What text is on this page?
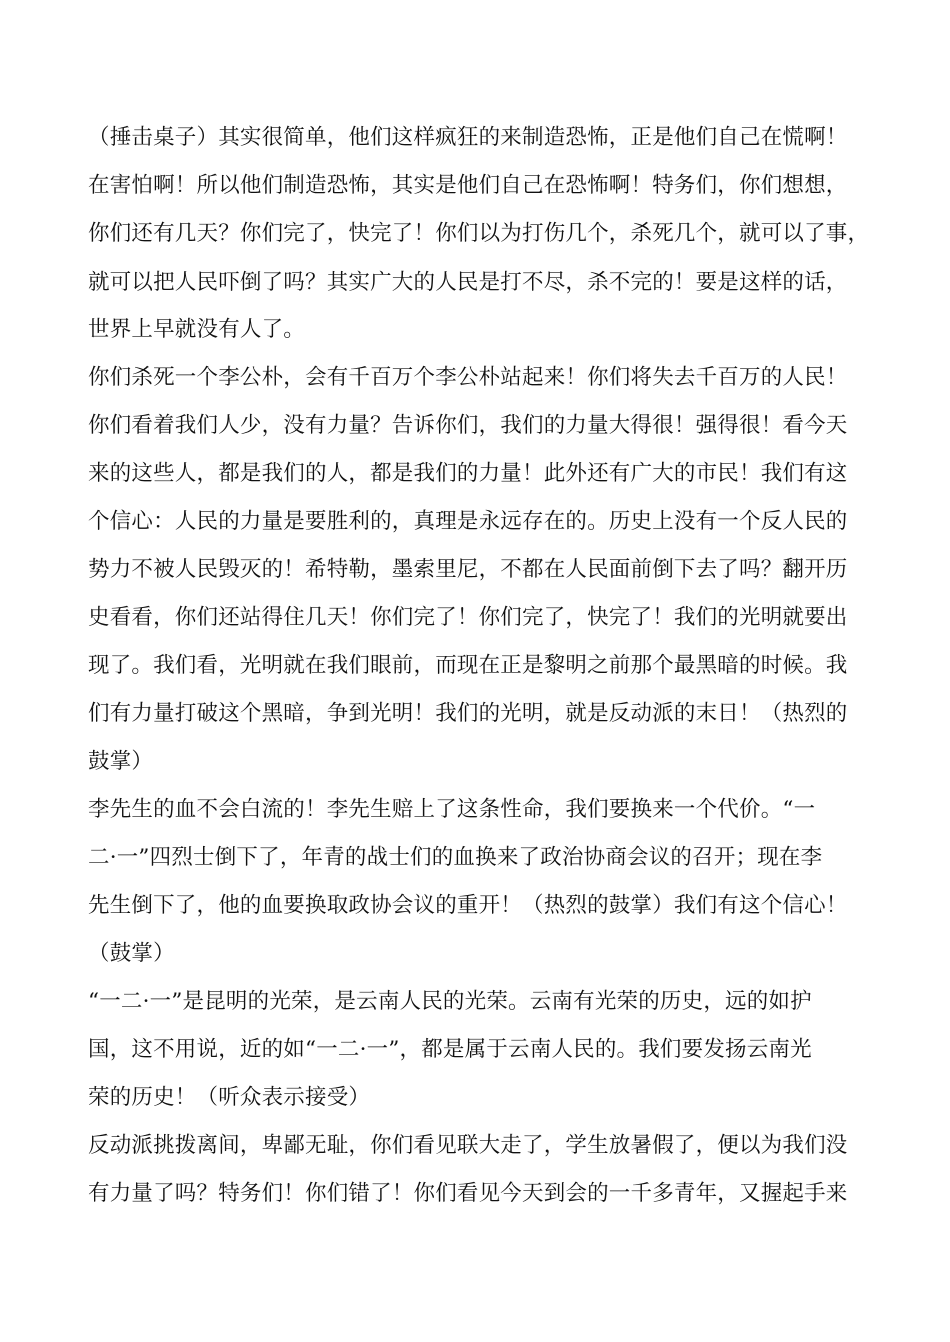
（捶击桌子）其实很简单，他们这样疯狂的来制造恐怖，正是他们自己在慌啊！
在害怕啊！所以他们制造恐怖，其实是他们自己在恐怖啊！特务们，你们想想，
你们还有几天？你们完了，快完了！你们以为打伤几个，杀死几个，就可以了事，
就可以把人民吓倒了吗？其实广大的人民是打不尽，杀不完的！要是这样的话，
世界上早就没有人了。
你们杀死一个李公朴，会有千百万个李公朴站起来！你们将失去千百万的人民！
你们看着我们人少，没有力量？告诉你们，我们的力量大得很！强得很！看今天
来的这些人，都是我们的人，都是我们的力量！此外还有广大的市民！我们有这
个信心：人民的力量是要胜利的，真理是永远存在的。历史上没有一个反人民的
势力不被人民毁灭的！希特勒，墨索里尼，不都在人民面前倒下去了吗？翻开历
史看看，你们还站得住几天！你们完了！你们完了，快完了！我们的光明就要出
现了。我们看，光明就在我们眼前，而现在正是黎明之前那个最黑暗的时候。我
们有力量打破这个黑暗，争到光明！我们的光明，就是反动派的末日！（热烈的
鼓掌）
李先生的血不会白流的！李先生赔上了这条性命，我们要换来一个代价。“一
二·一”四烈士倒下了，年青的战士们的血换来了政治协商会议的召开；现在李
先生倒下了，他的血要换取政协会议的重开！（热烈的鼓掌）我们有这个信心！
（鼓掌）
“一二·一”是昆明的光荣，是云南人民的光荣。云南有光荣的历史，远的如护
国，这不用说，近的如“一二·一”，都是属于云南人民的。我们要发扬云南光
荣的历史！（听众表示接受）
反动派挑拨离间，卑鄙无耻，你们看见联大走了，学生放暑假了，便以为我们没
有力量了吗？特务们！你们错了！你们看见今天到会的一千多青年，又握起手来
